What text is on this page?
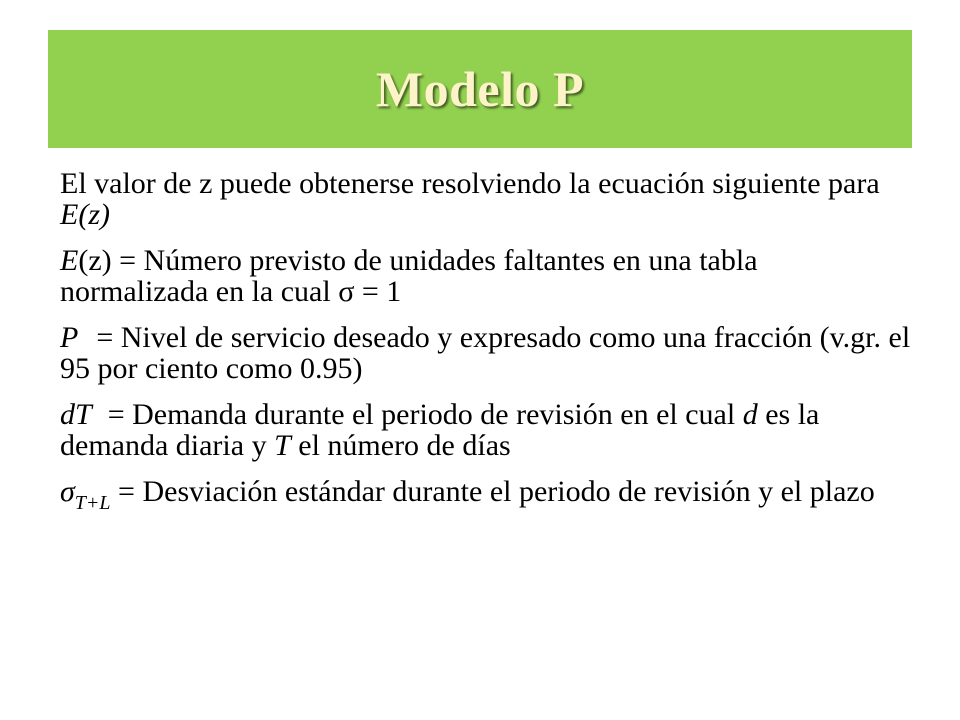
Modelo P

El valor de z puede obtenerse resolviendo la ecuación siguiente para E(z)

E(z) = Número previsto de unidades faltantes en una tabla normalizada en la cual σ = 1

P = Nivel de servicio deseado y expresado como una fracción (v.gr. el 95 por ciento como 0.95)

dT = Demanda durante el periodo de revisión en el cual d es la demanda diaria y T el número de días

$\sigma_{T+L}$ = Desviación estándar durante el periodo de revisión y el plazo
